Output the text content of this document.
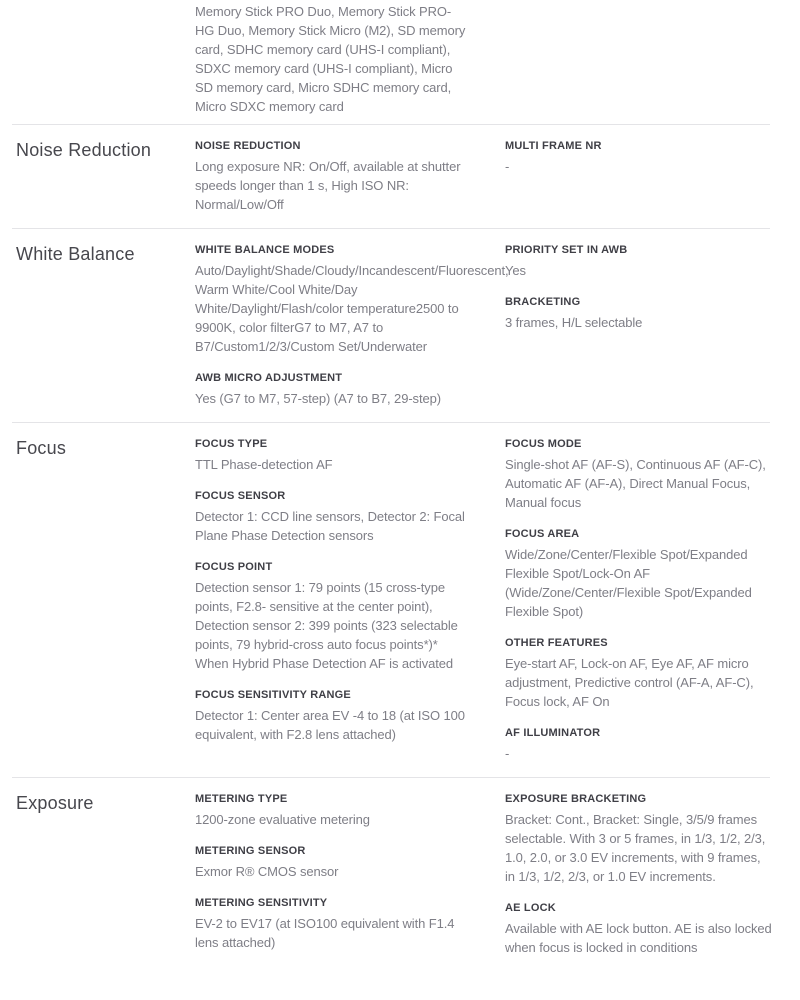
Memory Stick PRO Duo, Memory Stick PRO-HG Duo, Memory Stick Micro (M2), SD memory card, SDHC memory card (UHS-I compliant), SDXC memory card (UHS-I compliant), Micro SD memory card, Micro SDHC memory card, Micro SDXC memory card
Noise Reduction	NOISE REDUCTION
Long exposure NR: On/Off, available at shutter speeds longer than 1 s, High ISO NR: Normal/Low/Off
MULTI FRAME NR
-
White Balance	WHITE BALANCE MODES
Auto/Daylight/Shade/Cloudy/Incandescent/Fluorescent, Warm White/Cool White/Day White/Daylight/Flash/color temperature2500 to 9900K, color filterG7 to M7, A7 to B7/Custom1/2/3/Custom Set/Underwater
AWB MICRO ADJUSTMENT
Yes (G7 to M7, 57-step) (A7 to B7, 29-step)
PRIORITY SET IN AWB
Yes
BRACKETING
3 frames, H/L selectable
Focus	FOCUS TYPE
TTL Phase-detection AF
FOCUS SENSOR
Detector 1: CCD line sensors, Detector 2: Focal Plane Phase Detection sensors
FOCUS POINT
Detection sensor 1: 79 points (15 cross-type points, F2.8- sensitive at the center point), Detection sensor 2: 399 points (323 selectable points, 79 hybrid-cross auto focus points*)* When Hybrid Phase Detection AF is activated
FOCUS SENSITIVITY RANGE
Detector 1: Center area EV -4 to 18 (at ISO 100 equivalent, with F2.8 lens attached)
FOCUS MODE
Single-shot AF (AF-S), Continuous AF (AF-C), Automatic AF (AF-A), Direct Manual Focus, Manual focus
FOCUS AREA
Wide/Zone/Center/Flexible Spot/Expanded Flexible Spot/Lock-On AF (Wide/Zone/Center/Flexible Spot/Expanded Flexible Spot)
OTHER FEATURES
Eye-start AF, Lock-on AF, Eye AF, AF micro adjustment, Predictive control (AF-A, AF-C), Focus lock, AF On
AF ILLUMINATOR
-
Exposure	METERING TYPE
1200-zone evaluative metering
METERING SENSOR
Exmor R® CMOS sensor
METERING SENSITIVITY
EV-2 to EV17 (at ISO100 equivalent with F1.4 lens attached)
EXPOSURE BRACKETING
Bracket: Cont., Bracket: Single, 3/5/9 frames selectable. With 3 or 5 frames, in 1/3, 1/2, 2/3, 1.0, 2.0, or 3.0 EV increments, with 9 frames, in 1/3, 1/2, 2/3, or 1.0 EV increments.
AE LOCK
Available with AE lock button. AE is also locked when focus is locked in conditions
